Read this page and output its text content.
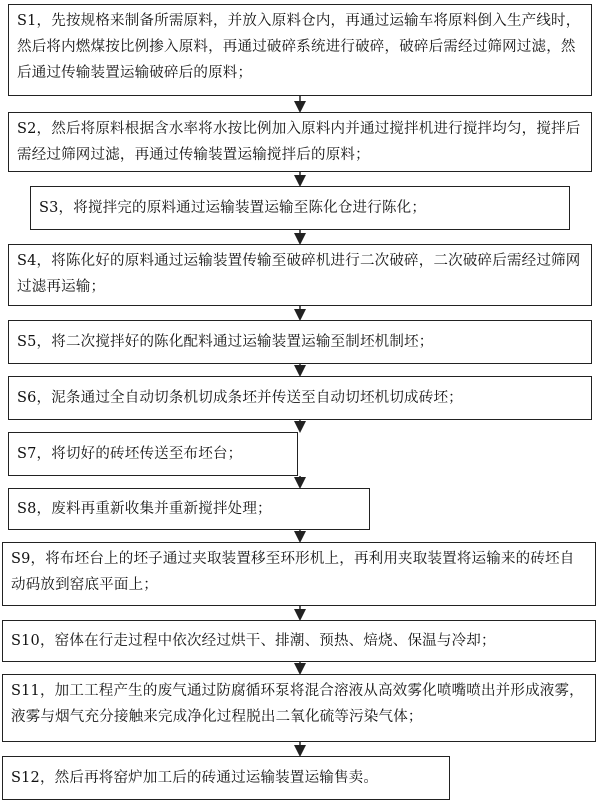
S1，先按规格来制备所需原料，并放入原料仓内，再通过运输车将原料倒入生产线时，然后将内燃煤按比例掺入原料，再通过破碎系统进行破碎，破碎后需经过筛网过滤，然后通过传输装置运输破碎后的原料；
S2，然后将原料根据含水率将水按比例加入原料内并通过搅拌机进行搅拌均匀，搅拌后需经过筛网过滤，再通过传输装置运输搅拌后的原料；
S3，将搅拌完的原料通过运输装置运输至陈化仓进行陈化；
S4，将陈化好的原料通过运输装置传输至破碎机进行二次破碎，二次破碎后需经过筛网过滤再运输；
S5，将二次搅拌好的陈化配料通过运输装置运输至制坯机制坯；
S6，泥条通过全自动切条机切成条坯并传送至自动切坯机切成砖坯；
S7，将切好的砖坯传送至布坯台；
S8，废料再重新收集并重新搅拌处理；
S9，将布坯台上的坯子通过夹取装置移至环形机上，再利用夹取装置将运输来的砖坯自动码放到窑底平面上；
S10，窑体在行走过程中依次经过烘干、排潮、预热、焙烧、保温与冷却；
S11，加工工程产生的废气通过防腐循环泵将混合溶液从高效雾化喷嘴喷出并形成液雾，液雾与烟气充分接触来完成净化过程脱出二氧化硫等污染气体；
S12，然后再将窑炉加工后的砖通过运输装置运输售卖。
